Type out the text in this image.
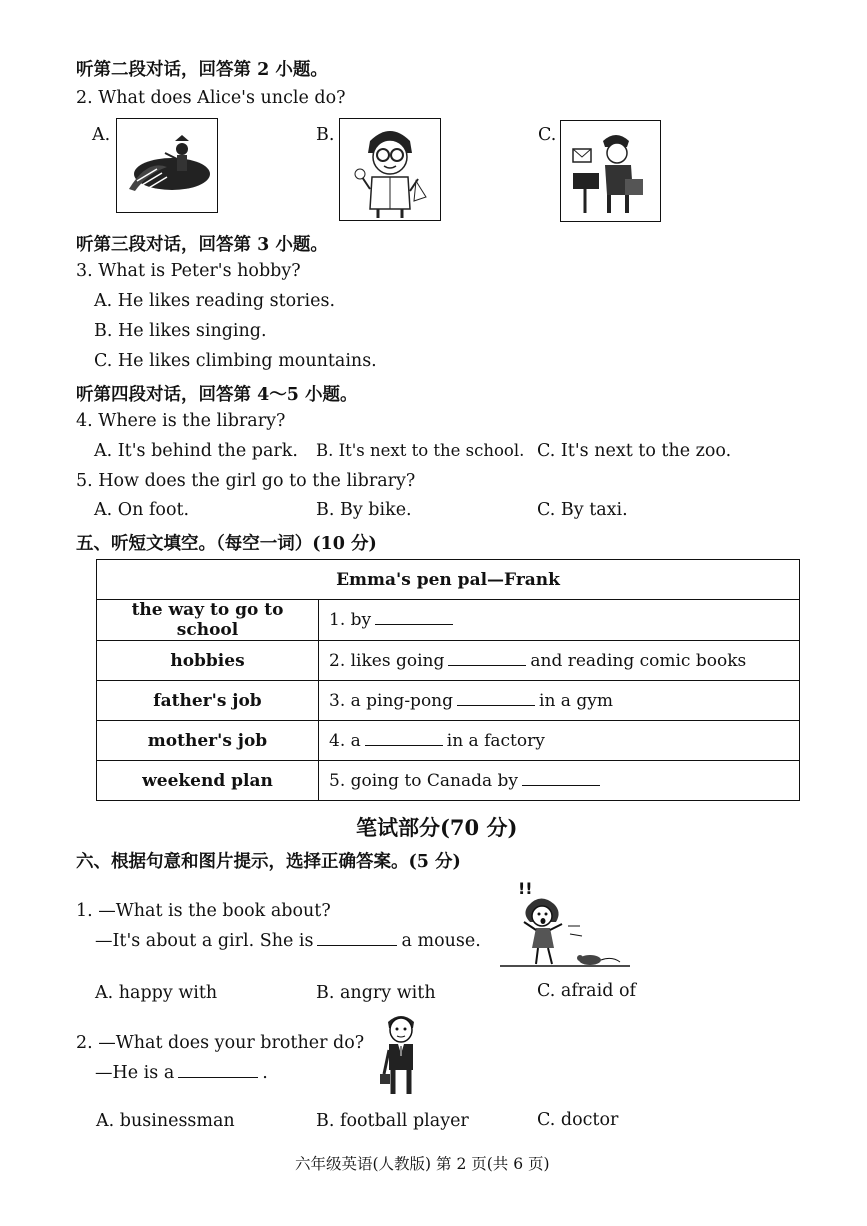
听第二段对话，回答第 2 小题。
2. What does Alice's uncle do?
A.	B.	C.
听第三段对话，回答第 3 小题。
3. What is Peter's hobby?
A. He likes reading stories.
B. He likes singing.
C. He likes climbing mountains.
听第四段对话，回答第 4～5 小题。
4. Where is the library?
A. It's behind the park. B. It's next to the school. C. It's next to the zoo.
5. How does the girl go to the library?
A. On foot.	B. By bike.	C. By taxi.
五、听短文填空。（每空一词）(10 分)
Emma's pen pal—Frank	
the way to go to school	1. by
hobbies	2. likes going and reading comic books
father's job	3. a ping-pong in a gym
mother's job	4. a in a factory
weekend plan	5. going to Canada by
笔试部分(70 分)
六、根据句意和图片提示，选择正确答案。(5 分)
1. —What is the book about?
—It's about a girl. She is	a mouse.
!!
A. happy with	B. angry with	C. afraid of
2. —What does your brother do?
—He is a	.
A. businessman	B. football player	C. doctor
六年级英语(人教版) 第 2 页(共 6 页)
